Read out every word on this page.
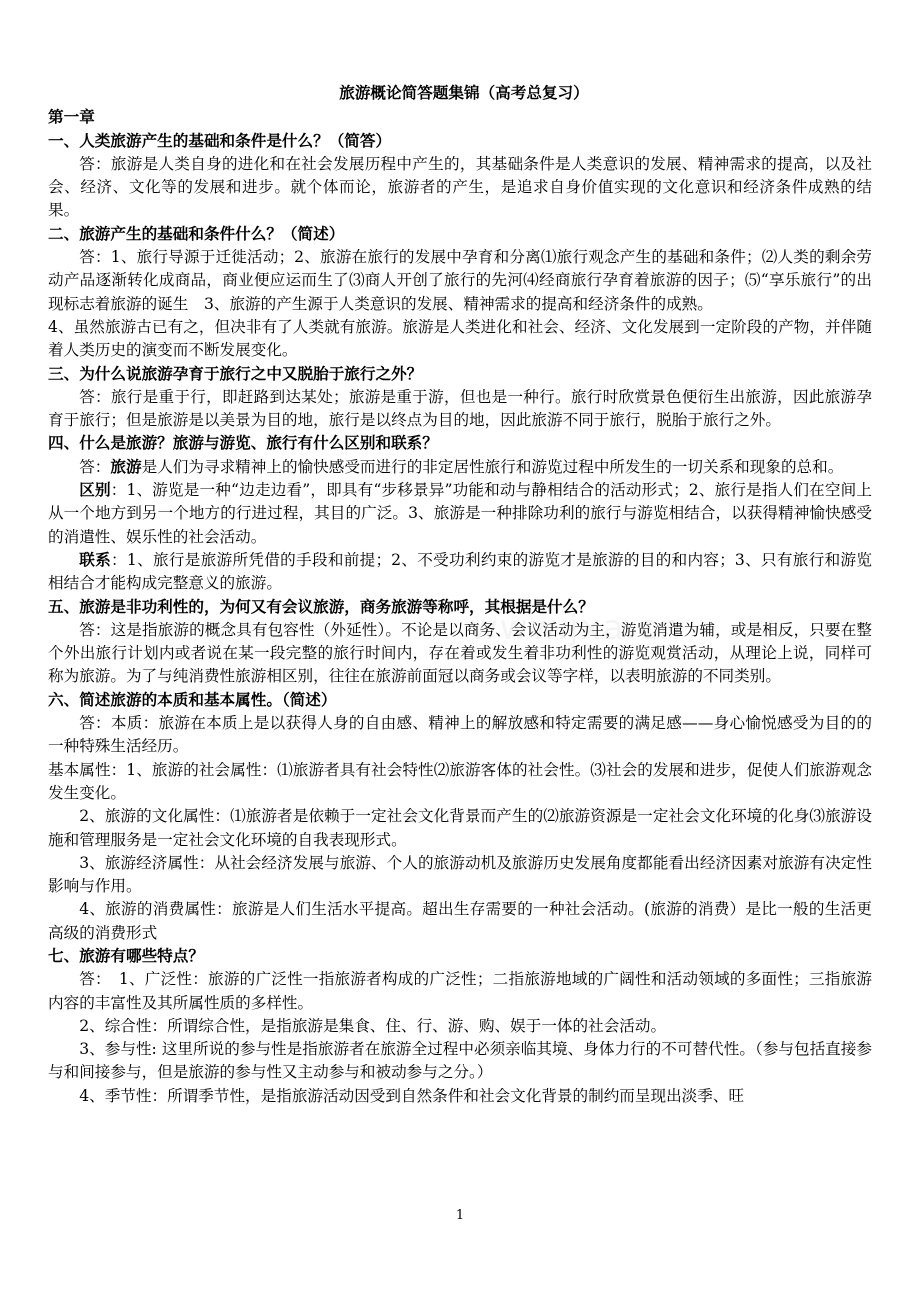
旅游概论简答题集锦（高考总复习）

第一章

一、人类旅游产生的基础和条件是什么？（简答）

答：旅游是人类自身的进化和在社会发展历程中产生的，其基础条件是人类意识的发展、精神需求的提高，以及社会、经济、文化等的发展和进步。就个体而论，旅游者的产生，是追求自身价值实现的文化意识和经济条件成熟的结果。

二、旅游产生的基础和条件什么？（简述）

答：1、旅行导源于迁徙活动；2、旅游在旅行的发展中孕育和分离⑴旅行观念产生的基础和条件；⑵人类的剩余劳动产品逐渐转化成商品，商业便应运而生了⑶商人开创了旅行的先河⑷经商旅行孕育着旅游的因子；⑸“享乐旅行”的出现标志着旅游的诞生　3、旅游的产生源于人类意识的发展、精神需求的提高和经济条件的成熟。

4、虽然旅游古已有之，但决非有了人类就有旅游。旅游是人类进化和社会、经济、文化发展到一定阶段的产物，并伴随着人类历史的演变而不断发展变化。

三、为什么说旅游孕育于旅行之中又脱胎于旅行之外？

答：旅行是重于行，即赶路到达某处；旅游是重于游，但也是一种行。旅行时欣赏景色便衍生出旅游，因此旅游孕育于旅行；但是旅游是以美景为目的地，旅行是以终点为目的地，因此旅游不同于旅行，脱胎于旅行之外。

四、什么是旅游？旅游与游览、旅行有什么区别和联系？

答：旅游是人们为寻求精神上的愉快感受而进行的非定居性旅行和游览过程中所发生的一切关系和现象的总和。

区别：1、游览是一种“边走边看”，即具有“步移景异”功能和动与静相结合的活动形式；2、旅行是指人们在空间上从一个地方到另一个地方的行进过程，其目的广泛。3、旅游是一种排除功利的旅行与游览相结合，以获得精神愉快感受的消遣性、娱乐性的社会活动。

联系：1、旅行是旅游所凭借的手段和前提；2、不受功利约束的游览才是旅游的目的和内容；3、只有旅行和游览相结合才能构成完整意义的旅游。

五、旅游是非功利性的，为何又有会议旅游，商务旅游等称呼，其根据是什么？

答：这是指旅游的概念具有包容性（外延性）。不论是以商务、会议活动为主，游览消遣为辅，或是相反，只要在整个外出旅行计划内或者说在某一段完整的旅行时间内，存在着或发生着非功利性的游览观赏活动，从理论上说，同样可称为旅游。为了与纯消费性旅游相区别，往往在旅游前面冠以商务或会议等字样，以表明旅游的不同类别。

六、简述旅游的本质和基本属性。（简述）

答：本质：旅游在本质上是以获得人身的自由感、精神上的解放感和特定需要的满足感——身心愉悦感受为目的的一种特殊生活经历。

基本属性：1、旅游的社会属性：⑴旅游者具有社会特性⑵旅游客体的社会性。⑶社会的发展和进步，促使人们旅游观念发生变化。

2、旅游的文化属性：⑴旅游者是依赖于一定社会文化背景而产生的⑵旅游资源是一定社会文化环境的化身⑶旅游设施和管理服务是一定社会文化环境的自我表现形式。

3、旅游经济属性：从社会经济发展与旅游、个人的旅游动机及旅游历史发展角度都能看出经济因素对旅游有决定性影响与作用。

4、旅游的消费属性：旅游是人们生活水平提高。超出生存需要的一种社会活动。(旅游的消费）是比一般的生活更高级的消费形式

七、旅游有哪些特点？

答：　1、广泛性：旅游的广泛性一指旅游者构成的广泛性；二指旅游地域的广阔性和活动领域的多面性；三指旅游内容的丰富性及其所属性质的多样性。

2、综合性：所谓综合性，是指旅游是集食、住、行、游、购、娱于一体的社会活动。

3、参与性: 这里所说的参与性是指旅游者在旅游全过程中必须亲临其境、身体力行的不可替代性。（参与包括直接参与和间接参与，但是旅游的参与性又主动参与和被动参与之分。）

4、季节性：所谓季节性，是指旅游活动因受到自然条件和社会文化背景的制约而呈现出淡季、旺

1
